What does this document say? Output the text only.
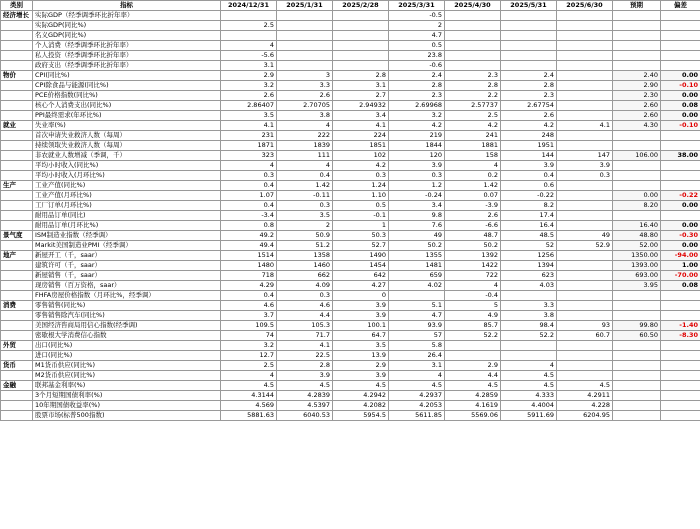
类别	指标	2024/12/31	2025/1/31	2025/2/28	2025/3/31	2025/4/30	2025/5/31	2025/6/30	预期	偏差
经济增长	实际GDP（经季调季环比折年率）				-0.5					
	实际GDP(同比%)	2.5			2					
	名义GDP(同比%)				4.7					
	个人消费（经季调季环比折年率）	4			0.5					
	私人投资（经季调季环比折年率）	-5.6			23.8					
	政府支出（经季调季环比折年率）	3.1			-0.6					
物价	CPI(同比%)	2.9	3	2.8	2.4	2.3	2.4		2.40	0.00
	CPI除食品与能源(同比%)	3.2	3.3	3.1	2.8	2.8	2.8		2.90	-0.10
	PCE价格指数(同比%)	2.6	2.6	2.7	2.3	2.2	2.3		2.30	0.00
	核心个人消费支出(同比%)	2.86407	2.70705	2.94932	2.69968	2.57737	2.67754		2.60	0.08
	PPI最终需求(年环比%)	3.5	3.8	3.4	3.2	2.5	2.6		2.60	0.00
就业	失业率(%)	4.1	4	4.1	4.2	4.2	4.2	4.1	4.30	-0.10
	首次申请失业救济人数（每周）	231	222	224	219	241	248			
	持续领取失业救济人数（每周）	1871	1839	1851	1844	1881	1951			
	非农就业人数增减（季调，千）	323	111	102	120	158	144	147	106.00	38.00
	平均小时收入(同比%)	4	4	4.2	3.9	4	3.9	3.9		
	平均小时收入(月环比%)	0.3	0.4	0.3	0.3	0.2	0.4	0.3		
生产	工业产值(同比%)	0.4	1.42	1.24	1.2	1.42	0.6			
	工业产值(月环比%)	1.07	-0.11	1.10	-0.24	0.07	-0.22		0.00	-0.22
	工厂订单(月环比%)	0.4	0.3	0.5	3.4	-3.9	8.2		8.20	0.00
	耐用品订单(同比)	-3.4	3.5	-0.1	9.8	2.6	17.4			
	耐用品订单(月环比%)	0.8	2	1	7.6	-6.6	16.4		16.40	0.00
景气度	ISM制造业指数（经季调）	49.2	50.9	50.3	49	48.7	48.5	49	48.80	-0.30
	Markit美国制造业PMI（经季调）	49.4	51.2	52.7	50.2	50.2	52	52.9	52.00	0.00
地产	新屋开工（千，saar）	1514	1358	1490	1355	1392	1256		1350.00	-94.00
	建筑许可（千，saar）	1480	1460	1454	1481	1422	1394		1393.00	1.00
	新屋销售（千，saar）	718	662	642	659	722	623		693.00	-70.00
	现房销售（百万资格，saar）	4.29	4.09	4.27	4.02	4	4.03		3.95	0.08
	FHFA房屋价格指数（月环比%，经季调）	0.4	0.3	0		-0.4				
消费	零售销售(同比%)	4.6	4.6	3.9	5.1	5	3.3			
	零售销售除汽车(同比%)	3.7	4.4	3.9	4.7	4.9	3.8			
	美国经济咨商局用信心指数(经季调)	109.5	105.3	100.1	93.9	85.7	98.4	93	99.80	-1.40
	密歇根大学消费信心指数	74	71.7	64.7	57	52.2	52.2	60.7	60.50	-8.30
外贸	出口(同比%)	3.2	4.1	3.5	5.8					
	进口(同比%)	12.7	22.5	13.9	26.4					
货币	M1货币供应(同比%)	2.5	2.8	2.9	3.1	2.9	4			
	M2货币供应(同比%)	4	3.9	3.9	4	4.4	4.5			
金融	联邦基金利率(%)	4.5	4.5	4.5	4.5	4.5	4.5	4.5		
	3个月短期国债利率(%)	4.3144	4.2839	4.2942	4.2937	4.2859	4.333	4.2911		
	10年期国债收益率(%)	4.569	4.5397	4.2082	4.2053	4.1619	4.4004	4.228		
	股票市场(标普500指数)	5881.63	6040.53	5954.5	5611.85	5569.06	5911.69	6204.95		
